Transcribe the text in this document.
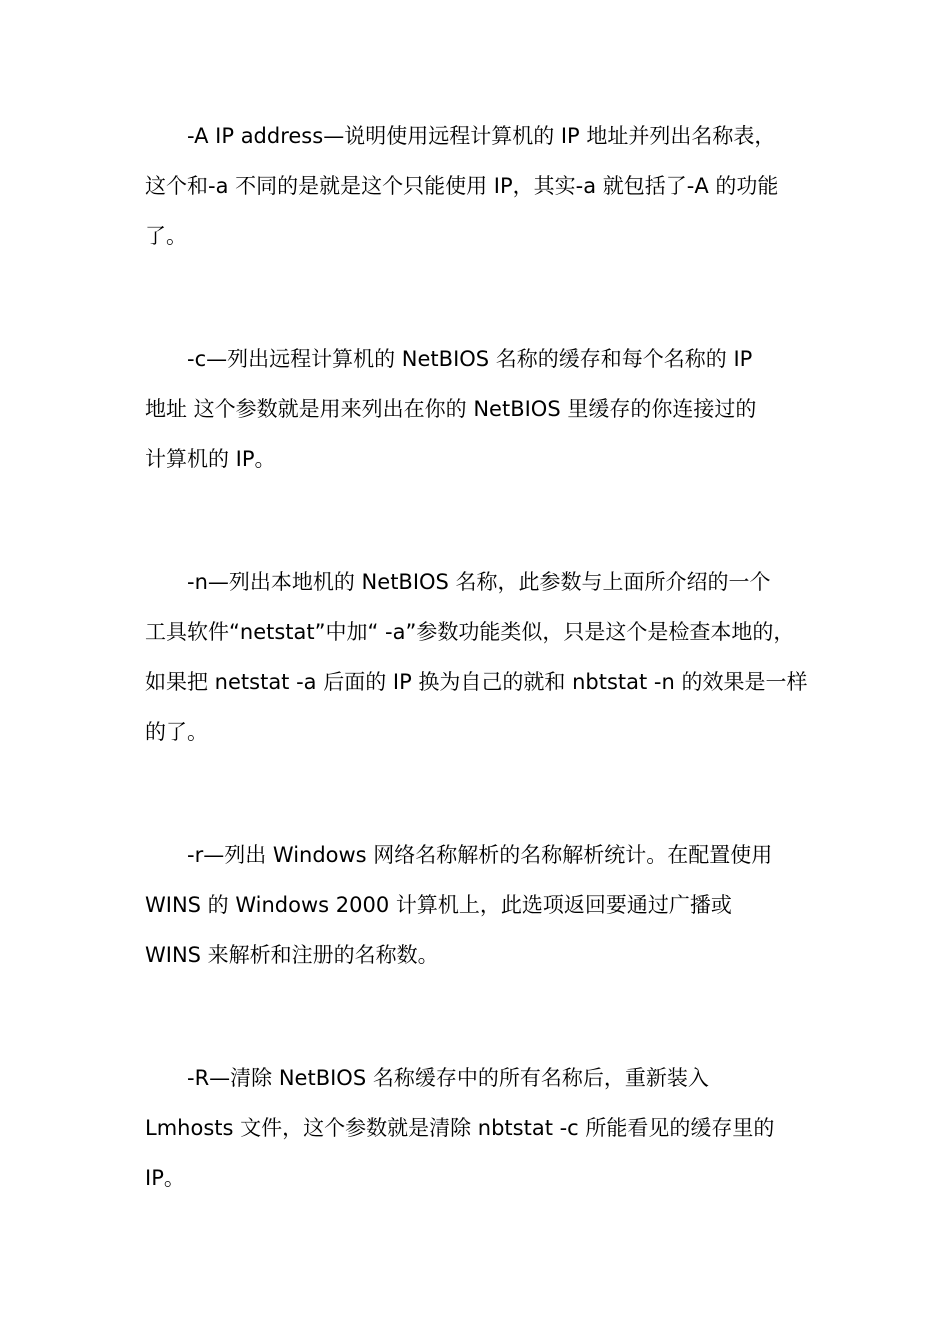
-A IP address—说明使用远程计算机的 IP 地址并列出名称表，
这个和-a 不同的是就是这个只能使用 IP，其实-a 就包括了-A 的功能
了。
-c—列出远程计算机的 NetBIOS 名称的缓存和每个名称的 IP
地址 这个参数就是用来列出在你的 NetBIOS 里缓存的你连接过的
计算机的 IP。
-n—列出本地机的 NetBIOS 名称，此参数与上面所介绍的一个
工具软件“netstat”中加“ -a”参数功能类似，只是这个是检查本地的，
如果把 netstat -a 后面的 IP 换为自己的就和 nbtstat -n 的效果是一样
的了。
-r—列出 Windows 网络名称解析的名称解析统计。在配置使用
WINS 的 Windows 2000 计算机上，此选项返回要通过广播或
WINS 来解析和注册的名称数。
-R—清除 NetBIOS 名称缓存中的所有名称后，重新装入
Lmhosts 文件，这个参数就是清除 nbtstat -c 所能看见的缓存里的
IP。
